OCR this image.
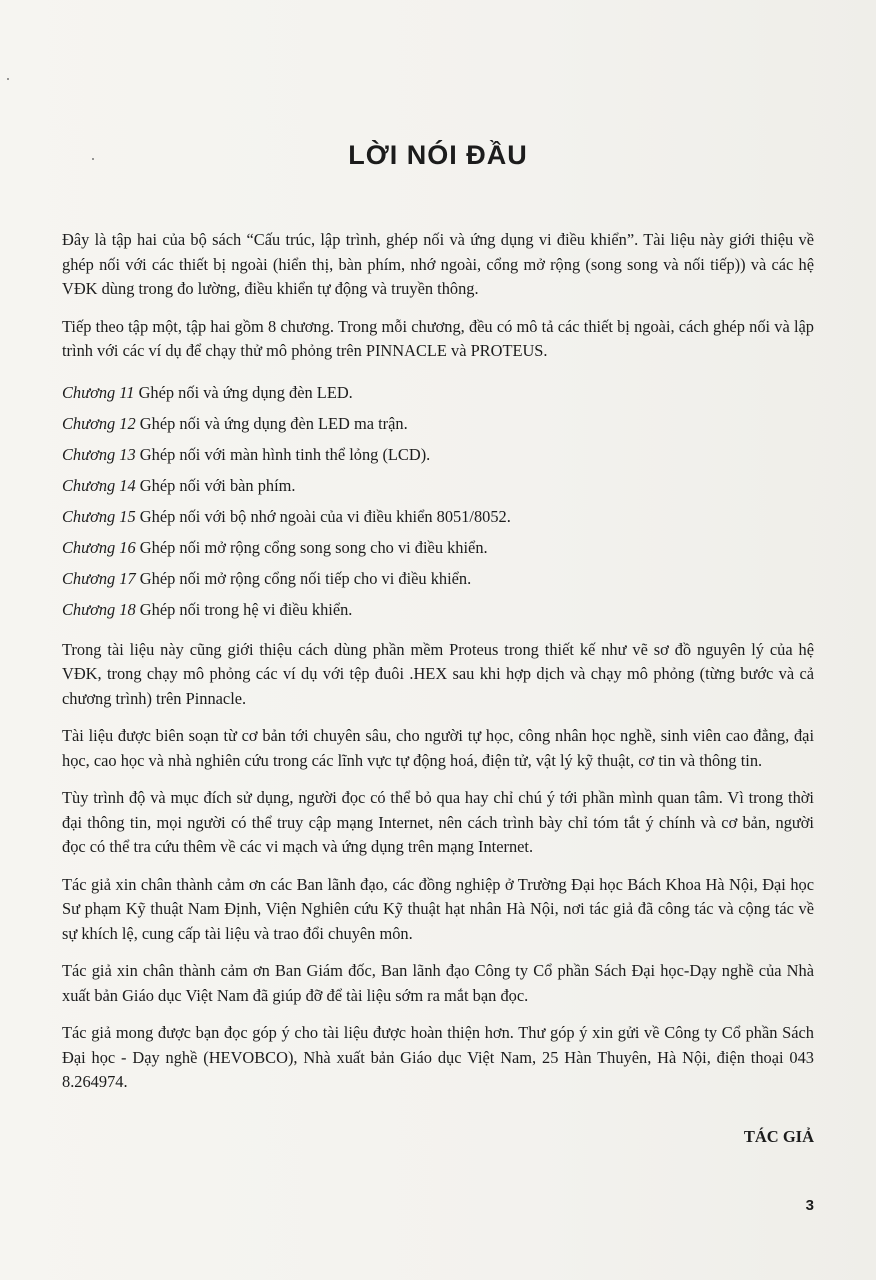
LỜI NÓI ĐẦU

Đây là tập hai của bộ sách “Cấu trúc, lập trình, ghép nối và ứng dụng vi điều khiển”. Tài liệu này giới thiệu về ghép nối với các thiết bị ngoài (hiển thị, bàn phím, nhớ ngoài, cổng mở rộng (song song và nối tiếp)) và các hệ VĐK dùng trong đo lường, điều khiển tự động và truyền thông.

Tiếp theo tập một, tập hai gồm 8 chương. Trong mỗi chương, đều có mô tả các thiết bị ngoài, cách ghép nối và lập trình với các ví dụ để chạy thử mô phỏng trên PINNACLE và PROTEUS.

Chương 11 Ghép nối và ứng dụng đèn LED.
Chương 12 Ghép nối và ứng dụng đèn LED ma trận.
Chương 13 Ghép nối với màn hình tinh thể lỏng (LCD).
Chương 14 Ghép nối với bàn phím.
Chương 15 Ghép nối với bộ nhớ ngoài của vi điều khiển 8051/8052.
Chương 16 Ghép nối mở rộng cổng song song cho vi điều khiển.
Chương 17 Ghép nối mở rộng cổng nối tiếp cho vi điều khiển.
Chương 18 Ghép nối trong hệ vi điều khiển.

Trong tài liệu này cũng giới thiệu cách dùng phần mềm Proteus trong thiết kế như vẽ sơ đồ nguyên lý của hệ VĐK, trong chạy mô phỏng các ví dụ với tệp đuôi .HEX sau khi hợp dịch và chạy mô phỏng (từng bước và cả chương trình) trên Pinnacle.

Tài liệu được biên soạn từ cơ bản tới chuyên sâu, cho người tự học, công nhân học nghề, sinh viên cao đẳng, đại học, cao học và nhà nghiên cứu trong các lĩnh vực tự động hoá, điện tử, vật lý kỹ thuật, cơ tin và thông tin.

Tùy trình độ và mục đích sử dụng, người đọc có thể bỏ qua hay chỉ chú ý tới phần mình quan tâm. Vì trong thời đại thông tin, mọi người có thể truy cập mạng Internet, nên cách trình bày chỉ tóm tắt ý chính và cơ bản, người đọc có thể tra cứu thêm về các vi mạch và ứng dụng trên mạng Internet.

Tác giả xin chân thành cảm ơn các Ban lãnh đạo, các đồng nghiệp ở Trường Đại học Bách Khoa Hà Nội, Đại học Sư phạm Kỹ thuật Nam Định, Viện Nghiên cứu Kỹ thuật hạt nhân Hà Nội, nơi tác giả đã công tác và cộng tác về sự khích lệ, cung cấp tài liệu và trao đổi chuyên môn.

Tác giả xin chân thành cảm ơn Ban Giám đốc, Ban lãnh đạo Công ty Cổ phần Sách Đại học-Dạy nghề của Nhà xuất bản Giáo dục Việt Nam đã giúp đỡ để tài liệu sớm ra mắt bạn đọc.

Tác giả mong được bạn đọc góp ý cho tài liệu được hoàn thiện hơn. Thư góp ý xin gửi về Công ty Cổ phần Sách Đại học - Dạy nghề (HEVOBCO), Nhà xuất bản Giáo dục Việt Nam, 25 Hàn Thuyên, Hà Nội, điện thoại 043 8.264974.

TÁC GIẢ

3
